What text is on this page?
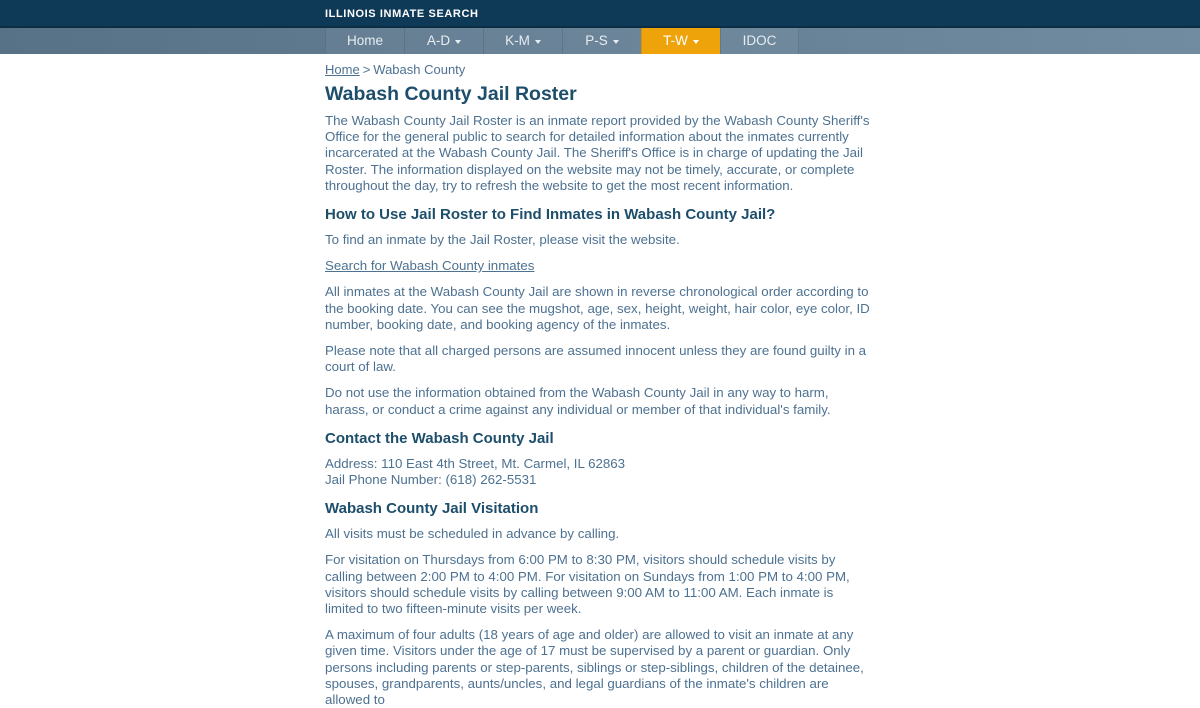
ILLINOIS INMATE SEARCH
Home	A-D	K-M	P-S	T-W	IDOC
Home > Wabash County
Wabash County Jail Roster

The Wabash County Jail Roster is an inmate report provided by the Wabash County Sheriff's Office for the general public to search for detailed information about the inmates currently incarcerated at the Wabash County Jail. The Sheriff's Office is in charge of updating the Jail Roster. The information displayed on the website may not be timely, accurate, or complete throughout the day, try to refresh the website to get the most recent information.

How to Use Jail Roster to Find Inmates in Wabash County Jail?

To find an inmate by the Jail Roster, please visit the website.

Search for Wabash County inmates

All inmates at the Wabash County Jail are shown in reverse chronological order according to the booking date. You can see the mugshot, age, sex, height, weight, hair color, eye color, ID number, booking date, and booking agency of the inmates.

Please note that all charged persons are assumed innocent unless they are found guilty in a court of law.

Do not use the information obtained from the Wabash County Jail in any way to harm, harass, or conduct a crime against any individual or member of that individual's family.

Contact the Wabash County Jail

Address: 110 East 4th Street, Mt. Carmel, IL 62863
Jail Phone Number: (618) 262-5531

Wabash County Jail Visitation

All visits must be scheduled in advance by calling.

For visitation on Thursdays from 6:00 PM to 8:30 PM, visitors should schedule visits by calling between 2:00 PM to 4:00 PM. For visitation on Sundays from 1:00 PM to 4:00 PM, visitors should schedule visits by calling between 9:00 AM to 11:00 AM. Each inmate is limited to two fifteen-minute visits per week.

A maximum of four adults (18 years of age and older) are allowed to visit an inmate at any given time. Visitors under the age of 17 must be supervised by a parent or guardian. Only persons including parents or step-parents, siblings or step-siblings, children of the detainee, spouses, grandparents, aunts/uncles, and legal guardians of the inmate's children are allowed to
